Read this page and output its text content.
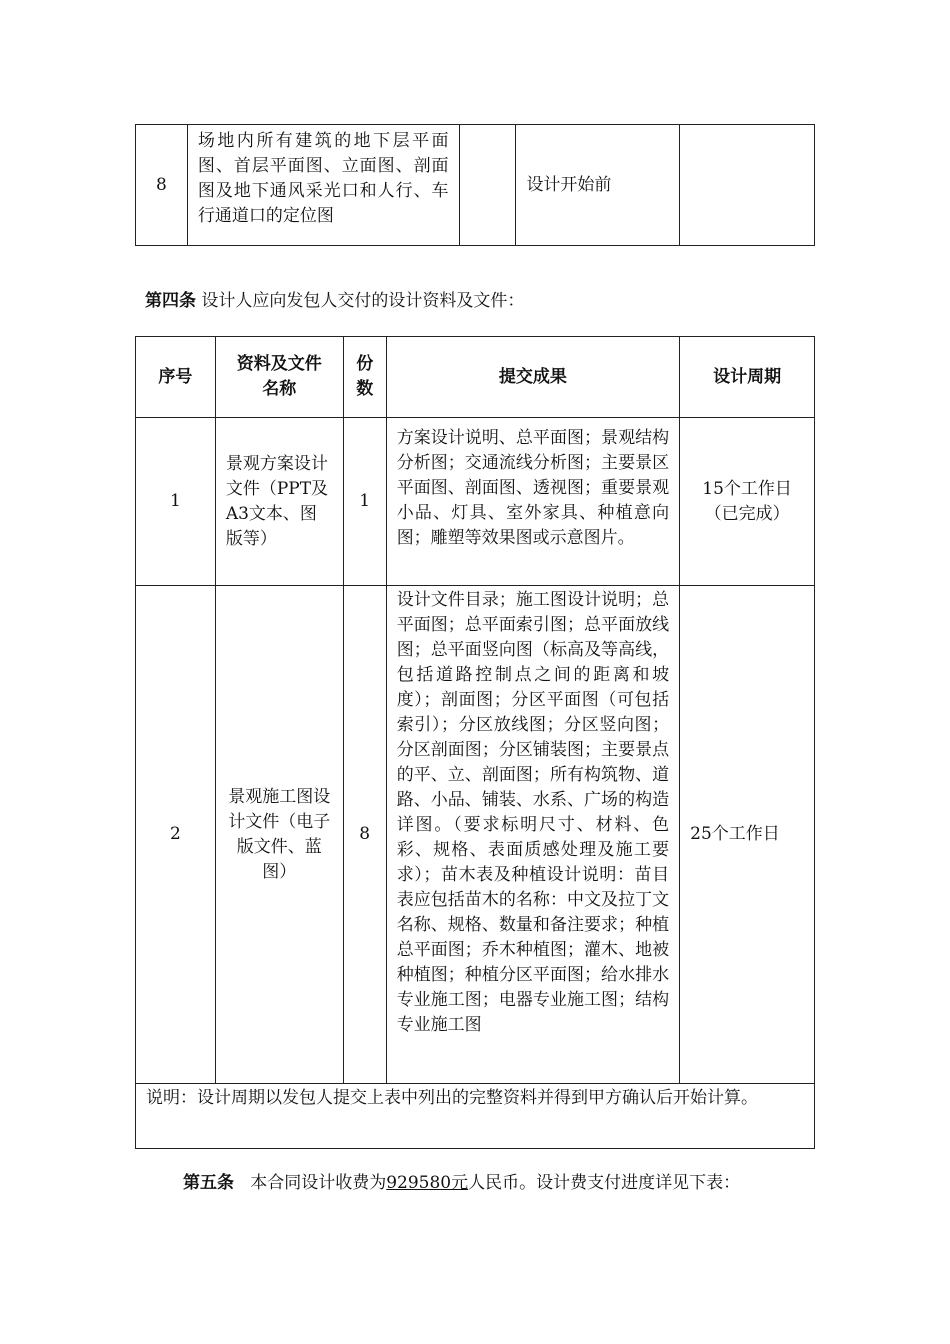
8	场地内所有建筑的地下层平面图、首层平面图、立面图、剖面图及地下通风采光口和人行、车行通道口的定位图		设计开始前	

第四条 设计人应向发包人交付的设计资料及文件：

序号	资料及文件名称	份数	提交成果	设计周期
1	景观方案设计文件（PPT及A3文本、图版等）	1	方案设计说明、总平面图；景观结构分析图；交通流线分析图；主要景区平面图、剖面图、透视图；重要景观小品、灯具、室外家具、种植意向图；雕塑等效果图或示意图片。	15个工作日（已完成）
2	景观施工图设计文件（电子版文件、蓝图）	8	设计文件目录；施工图设计说明；总平面图；总平面索引图；总平面放线图；总平面竖向图（标高及等高线，包括道路控制点之间的距离和坡度）；剖面图；分区平面图（可包括索引）；分区放线图；分区竖向图；分区剖面图；分区铺装图；主要景点的平、立、剖面图；所有构筑物、道路、小品、铺装、水系、广场的构造详图。（要求标明尺寸、材料、色彩、规格、表面质感处理及施工要求）；苗木表及种植设计说明：苗目表应包括苗木的名称：中文及拉丁文名称、规格、数量和备注要求；种植总平面图；乔木种植图；灌木、地被种植图；种植分区平面图；给水排水专业施工图；电器专业施工图；结构专业施工图	25个工作日
说明：设计周期以发包人提交上表中列出的完整资料并得到甲方确认后开始计算。				

第五条 本合同设计收费为929580元人民币。设计费支付进度详见下表：
